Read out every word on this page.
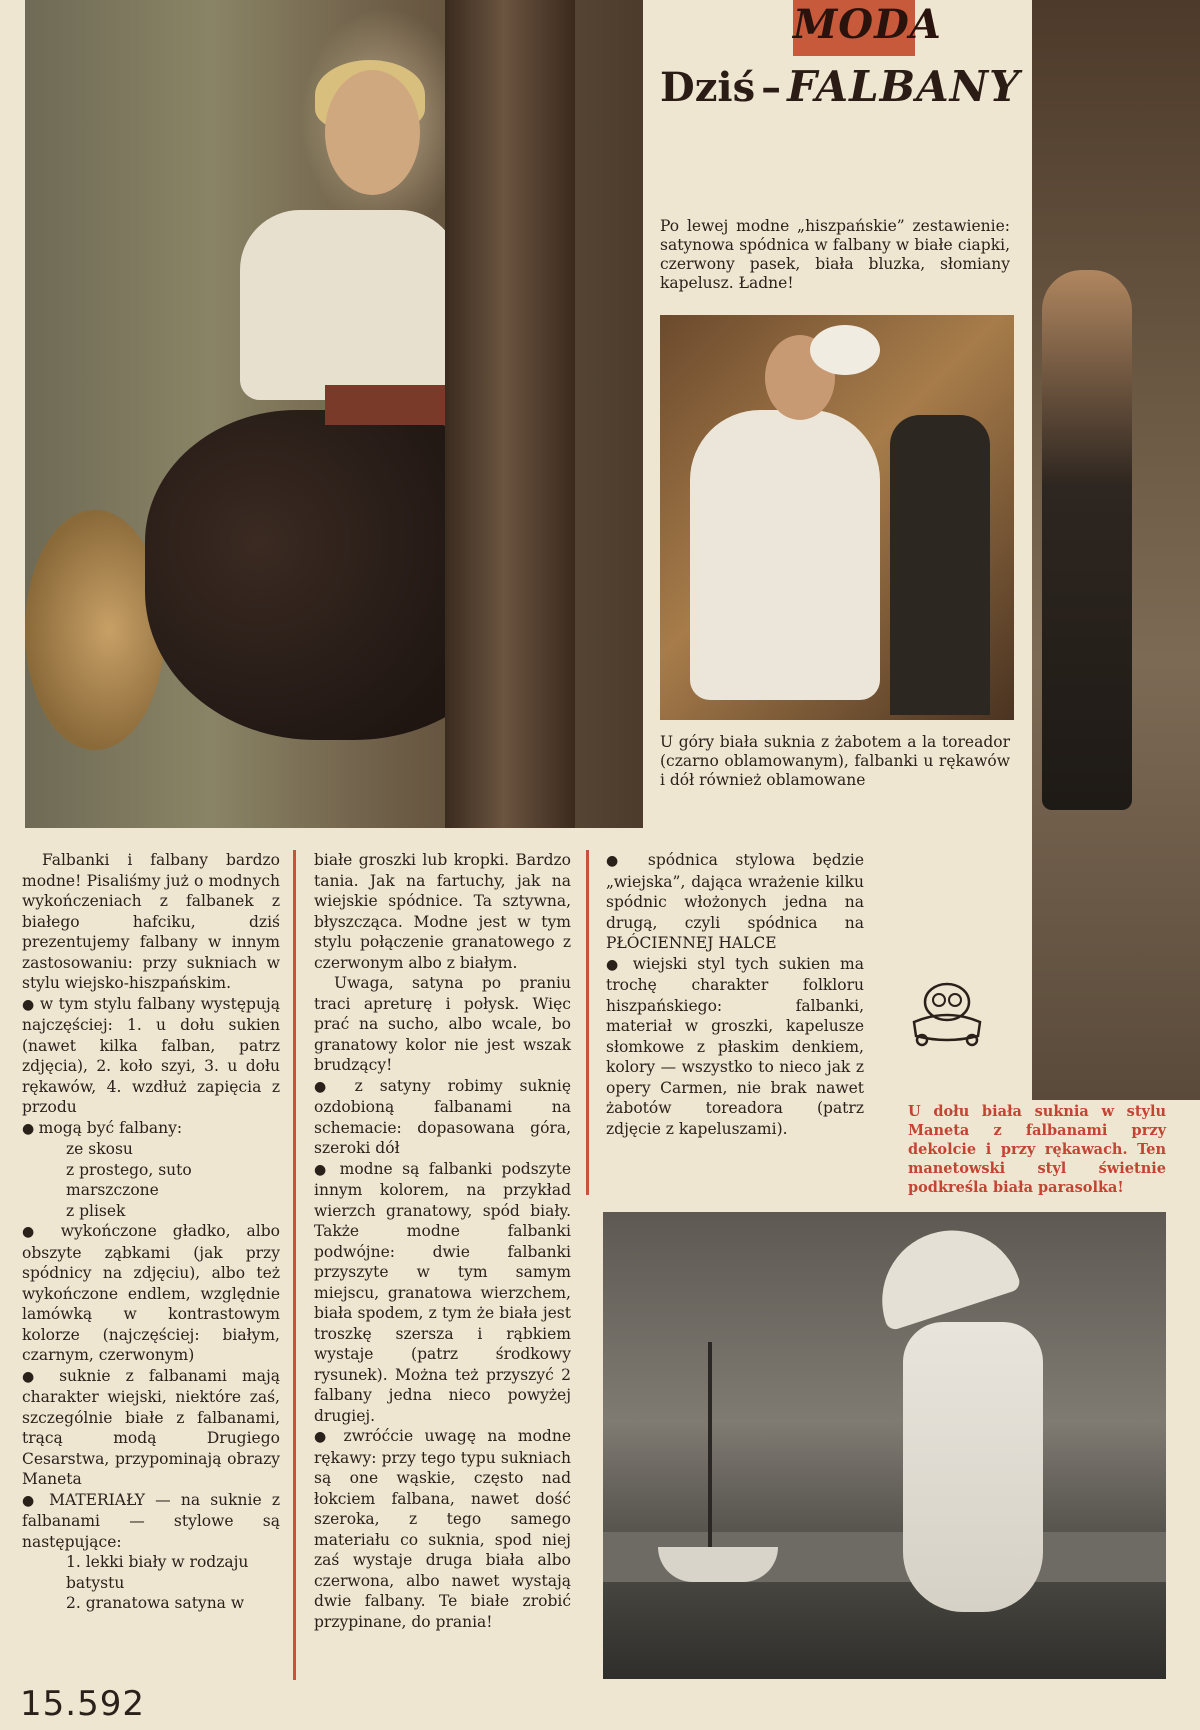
MODA
Dziś – FALBANY
Po lewej modne „hiszpańskie” zestawienie: satynowa spódnica w falbany w białe ciapki, czerwony pasek, biała bluzka, słomiany kapelusz. Ładne!
U góry biała suknia z żabotem a la toreador (czarno oblamowanym), falbanki u rękawów i dół również oblamowane

Falbanki i falbany bardzo modne! Pisaliśmy już o modnych wykończeniach z falbanek z białego hafciku, dziś prezentujemy falbany w innym zastosowaniu: przy sukniach w stylu wiejsko-hiszpańskim.

● w tym stylu falbany występują najczęściej: 1. u dołu sukien (nawet kilka falban, patrz zdjęcia), 2. koło szyi, 3. u dołu rękawów, 4. wzdłuż zapięcia z przodu

● mogą być falbany:

ze skosu

z prostego, suto marszczone

z plisek

● wykończone gładko, albo obszyte ząbkami (jak przy spódnicy na zdjęciu), albo też wykończone endlem, względnie lamówką w kontrastowym kolorze (najczęściej: białym, czarnym, czerwonym)

● suknie z falbanami mają charakter wiejski, niektóre zaś, szczególnie białe z falbanami, trącą modą Drugiego Cesarstwa, przypominają obrazy Maneta

● MATERIAŁY — na suknie z falbanami — stylowe są następujące:

1. lekki biały w rodzaju batystu

2. granatowa satyna w

białe groszki lub kropki. Bardzo tania. Jak na fartuchy, jak na wiejskie spódnice. Ta sztywna, błyszcząca. Modne jest w tym stylu połączenie granatowego z czerwonym albo z białym.

Uwaga, satyna po praniu traci apreturę i połysk. Więc prać na sucho, albo wcale, bo granatowy kolor nie jest wszak brudzący!

● z satyny robimy suknię ozdobioną falbanami na schemacie: dopasowana góra, szeroki dół

● modne są falbanki podszyte innym kolorem, na przykład wierzch granatowy, spód biały. Także modne falbanki podwójne: dwie falbanki przyszyte w tym samym miejscu, granatowa wierzchem, biała spodem, z tym że biała jest troszkę szersza i rąbkiem wystaje (patrz środkowy rysunek). Można też przyszyć 2 falbany jedna nieco powyżej drugiej.

● zwróćcie uwagę na modne rękawy: przy tego typu sukniach są one wąskie, często nad łokciem falbana, nawet dość szeroka, z tego samego materiału co suknia, spod niej zaś wystaje druga biała albo czerwona, albo nawet wystają dwie falbany. Te białe zrobić przypinane, do prania!

● spódnica stylowa będzie „wiejska”, dająca wrażenie kilku spódnic włożonych jedna na drugą, czyli spódnica na PŁÓCIENNEJ HALCE

● wiejski styl tych sukien ma trochę charakter folkloru hiszpańskiego: falbanki, materiał w groszki, kapelusze słomkowe z płaskim denkiem, kolory — wszystko to nieco jak z opery Carmen, nie brak nawet żabotów toreadora (patrz zdjęcie z kapeluszami).

U dołu biała suknia w stylu Maneta z falbanami przy dekolcie i przy rękawach. Ten manetowski styl świetnie podkreśla biała parasolka!
15.592
